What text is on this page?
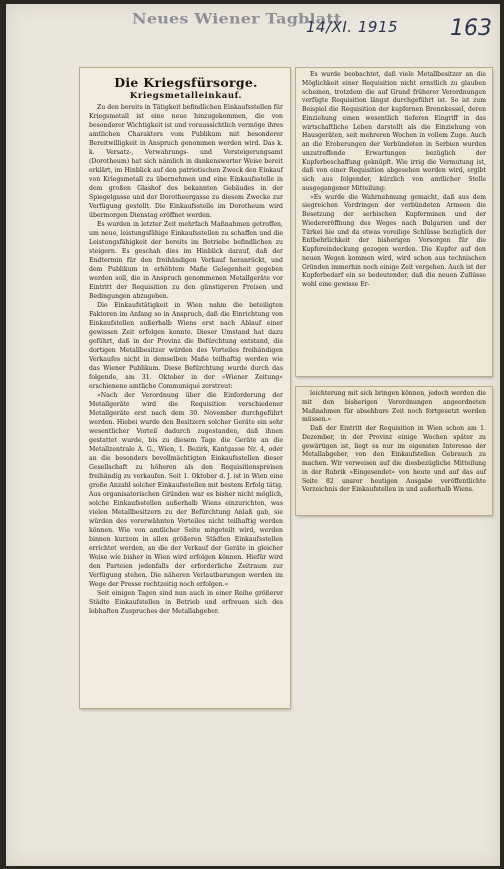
Neues Wiener Tagblatt
14/XI. 1915 163
Die Kriegsfürsorge.
Kriegsmetalleinkauf.

Zu den bereits in Tätigkeit befindlichen Einkaufsstellen für Kriegsmetall ist eine neue hinzugekommen, die von besonderer Wichtigkeit ist und voraussichtlich vermöge ihres amtlichen Charakters vom Publikum mit besonderer Bereitwilligkeit in Anspruch genommen werden wird. Das k. k. Versatz-, Verwahrungs- und Versteigerungsamt (Dorotheum) hat sich nämlich in dankenswerter Weise bereit erklärt, im Hinblick auf den patriotischen Zweck den Einkauf von Kriegsmetall zu übernehmen und eine Einkaufsstelle in dem großen Glashof des bekannten Gebäudes in der Spiegelgasse und der Dorotheergasse zu diesem Zwecke zur Verfügung gestellt. Die Einkaufsstelle im Dorotheum wird übermorgen Dienstag eröffnet werden.

Es wurden in letzter Zeit mehrfach Maßnahmen getroffen, um neue, leistungsfähige Einkaufsstellen zu schaffen und die Leistungsfähigkeit der bereits im Betriebe befindlichen zu steigern. Es geschah dies im Hinblick darauf, daß der Endtermin für den freihändigen Verkauf heranrückt, und dem Publikum in erhöhtem Maße Gelegenheit gegeben werden soll, die in Anspruch genommenen Metallgeräte vor Eintritt der Requisition zu den günstigeren Preisen und Bedingungen abzugeben.

Die Einkaufstätigkeit in Wien nahm die beteiligten Faktoren im Anfang so in Anspruch, daß die Einrichtung von Einkaufstellen außerhalb Wiens erst nach Ablauf einer gewissen Zeit erfolgen konnte. Dieser Umstand hat dazu geführt, daß in der Provinz die Befürchtung entstand, die dortigen Metallbesitzer würden des Vorteiles freihändigen Verkaufes nicht in demselben Maße teilhaftig werden wie das Wiener Publikum. Diese Befürchtung wurde durch das folgende, am 31. Oktober in der »Wiener Zeitung« erschienene amtliche Communiqué zerstreut:

»Nach der Verordnung über die Einforderung der Metallgeräte wird die Requisition verschiedener Metallgeräte erst nach dem 30. November durchgeführt werden. Hiebei wurde den Besitzern solcher Geräte ein sehr wesentlicher Vorteil dadurch zugestanden, daß ihnen gestattet wurde, bis zu diesem Tage die Geräte an die Metallzentrale A. G., Wien, 1. Bezirk, Kantgasse Nr. 4, oder an die besonders bevollmächtigten Einkaufsstellen dieser Gesellschaft zu höheren als den Requisitionspreisen freihändig zu verkaufen. Seit 1. Oktober d. J. ist in Wien eine große Anzahl solcher Einkaufsstellen mit bestem Erfolg tätig. Aus organisatorischen Gründen war es bisher nicht möglich, solche Einkaufsstellen außerhalb Wiens einzurichten, was vielen Metallbesitzern zu der Befürchtung Anlaß gab, sie würden des vorerwähnten Vorteiles nicht teilhaftig werden können. Wie von amtlicher Seite mitgeteilt wird, werden binnen kurzem in allen größeren Städten Einkaufsstellen errichtet werden, an die der Verkauf der Geräte in gleicher Weise wie bisher in Wien wird erfolgen können. Hiefür wird den Parteien jedenfalls der erforderliche Zeitraum zur Verfügung stehen. Die näheren Verlautbarungen werden im Wege der Presse rechtzeitig noch erfolgen.«

Seit einigen Tagen sind nun auch in einer Reihe größerer Städte Einkaufstellen in Betrieb und erfreuen sich des lebhaften Zuspruches der Metallabgeber.

Es wurde beobachtet, daß viele Metallbesitzer an die Möglichkeit einer Requisition nicht ernstlich zu glauben scheinen, trotzdem die auf Grund früherer Verordnungen verfügte Requisition längst durchgeführt ist. So ist zum Beispiel die Requisition der kupfernen Brennkessel, deren Einziehung einen wesentlich tieferen Eingriff in das wirtschaftliche Leben darstellt als die Einziehung von Hausgeräten, seit mehreren Wochen in vollem Zuge. Auch an die Eroberungen der Verbündeten in Serbien wurden unzutreffende Erwartungen bezüglich der Kupferbeschaffung geknüpft. Wie irrig die Vermutung ist, daß von einer Requisition abgesehen werden wird, ergibt sich aus folgender, kürzlich von amtlicher Stelle ausgegangener Mitteilung:

»Es wurde die Wahrnehmung gemacht, daß aus dem siegreichen Vordringen der verbündeten Armeen die Besetzung der serbischen Kupferminen und der Wiedereröffnung des Weges nach Bulgarien und der Türkei hie und da etwas voreilige Schlüsse bezüglich der Entbehrlichkeit der bisherigen Vorsorgen für die Kupfereindeckung gezogen werden. Die Kupfer auf den neuen Wegen kommen wird, wird schon aus technischen Gründen immerhin noch einige Zeit vergehen. Auch ist der Kupferbedarf ein so bedeutender, daß die neuen Zuflüsse wohl eine gewisse Er-

leichterung mit sich bringen können, jedoch werden die mit den bisherigen Verordnungen angeordneten Maßnahmen für absehbare Zeit noch fortgesetzt werden müssen.«

Daß der Eintritt der Requisition in Wien schon am 1. Dezember, in der Provinz einige Wochen später zu gewärtigen ist, liegt es nur im eigensten Interesse der Metallabgeber, von den Einkaufstellen Gebrauch zu machen. Wir verweisen auf die diesbezügliche Mitteilung in der Rubrik »Eingesendet« von heute und auf das auf Seite 82 unsrer heutigen Ausgabe veröffentlichte Verzeichnis der Einkaufstellen in und außerhalb Wiens.
